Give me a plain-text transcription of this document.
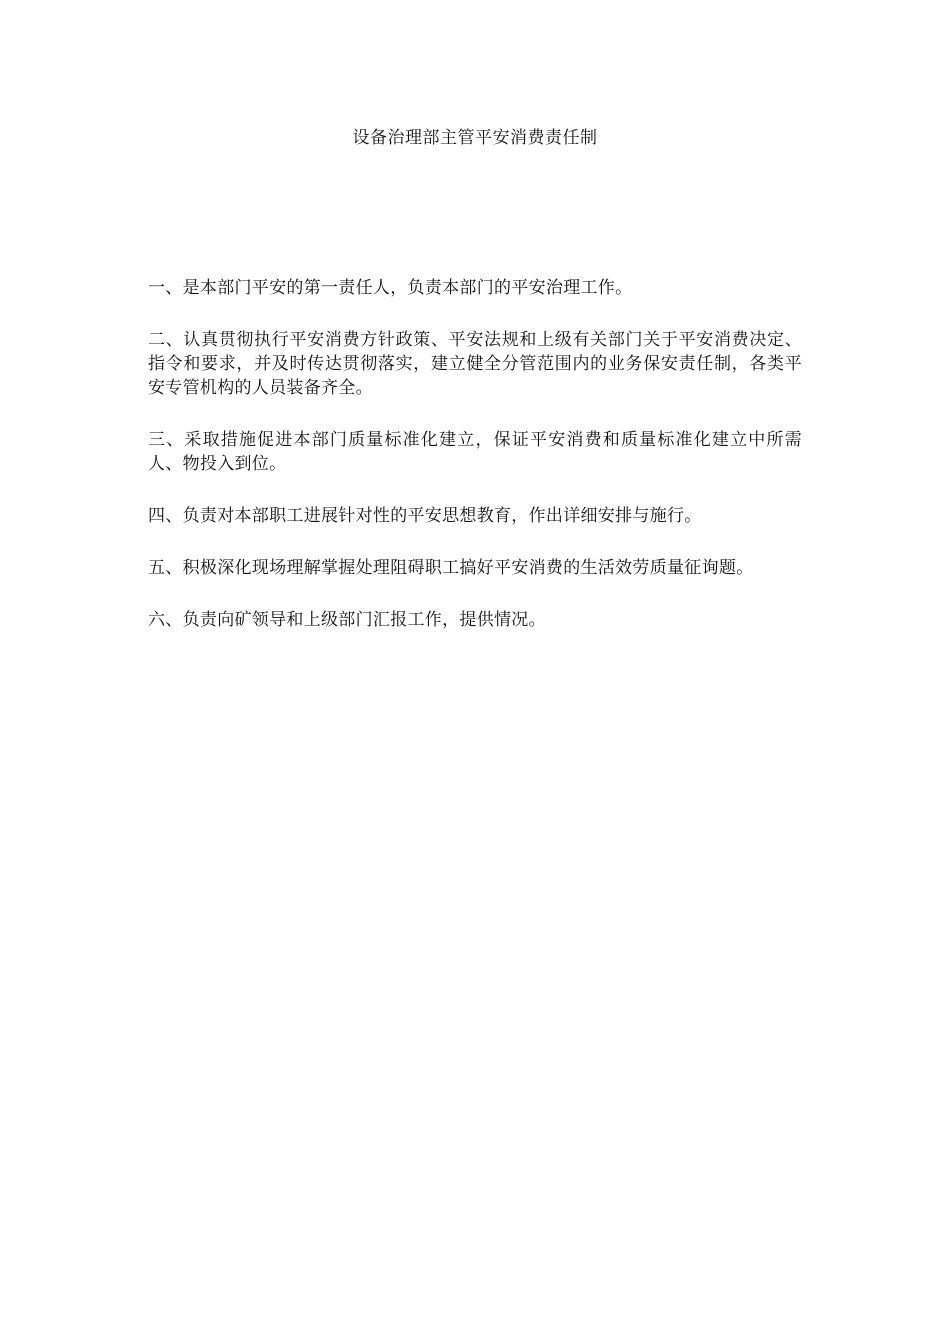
设备治理部主管平安消费责任制

一、是本部门平安的第一责任人，负责本部门的平安治理工作。

二、认真贯彻执行平安消费方针政策、平安法规和上级有关部门关于平安消费决定、指令和要求，并及时传达贯彻落实，建立健全分管范围内的业务保安责任制，各类平安专管机构的人员装备齐全。

三、采取措施促进本部门质量标准化建立，保证平安消费和质量标准化建立中所需人、物投入到位。

四、负责对本部职工进展针对性的平安思想教育，作出详细安排与施行。

五、积极深化现场理解掌握处理阻碍职工搞好平安消费的生活效劳质量征询题。

六、负责向矿领导和上级部门汇报工作，提供情况。
